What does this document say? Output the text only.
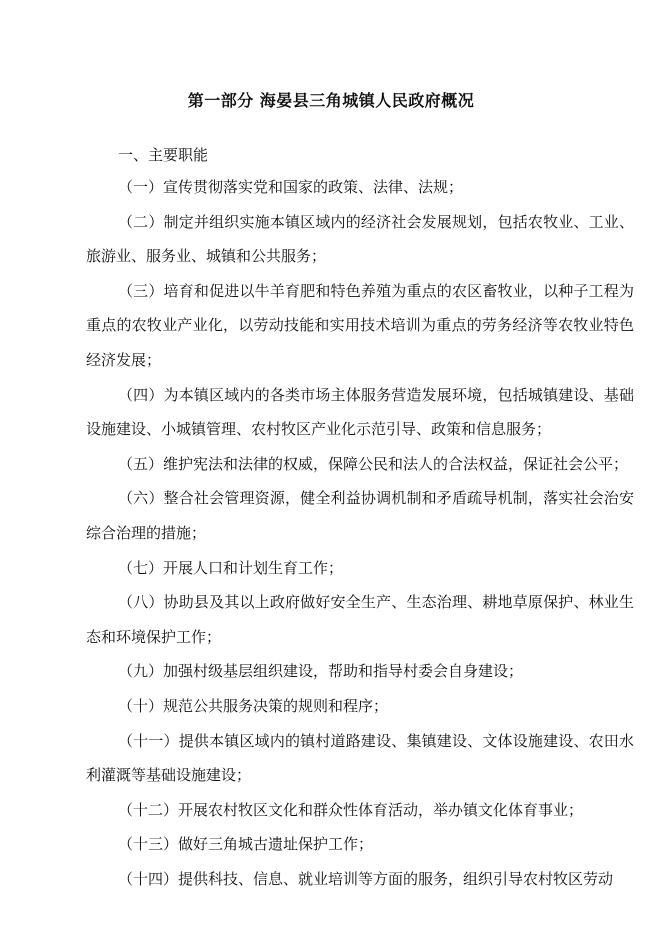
第一部分 海晏县三角城镇人民政府概况
一、主要职能

（一）宣传贯彻落实党和国家的政策、法律、法规；

（二）制定并组织实施本镇区域内的经济社会发展规划，包括农牧业、工业、旅游业、服务业、城镇和公共服务；

（三）培育和促进以牛羊育肥和特色养殖为重点的农区畜牧业，以种子工程为重点的农牧业产业化，以劳动技能和实用技术培训为重点的劳务经济等农牧业特色经济发展；

（四）为本镇区域内的各类市场主体服务营造发展环境，包括城镇建设、基础设施建设、小城镇管理、农村牧区产业化示范引导、政策和信息服务；

（五）维护宪法和法律的权威，保障公民和法人的合法权益，保证社会公平；

（六）整合社会管理资源，健全利益协调机制和矛盾疏导机制，落实社会治安综合治理的措施；

（七）开展人口和计划生育工作；

（八）协助县及其以上政府做好安全生产、生态治理、耕地草原保护、林业生态和环境保护工作；

（九）加强村级基层组织建设，帮助和指导村委会自身建设；

（十）规范公共服务决策的规则和程序；

（十一）提供本镇区域内的镇村道路建设、集镇建设、文体设施建设、农田水利灌溉等基础设施建设；

（十二）开展农村牧区文化和群众性体育活动，举办镇文化体育事业；

（十三）做好三角城古遗址保护工作；

（十四）提供科技、信息、就业培训等方面的服务，组织引导农村牧区劳动
